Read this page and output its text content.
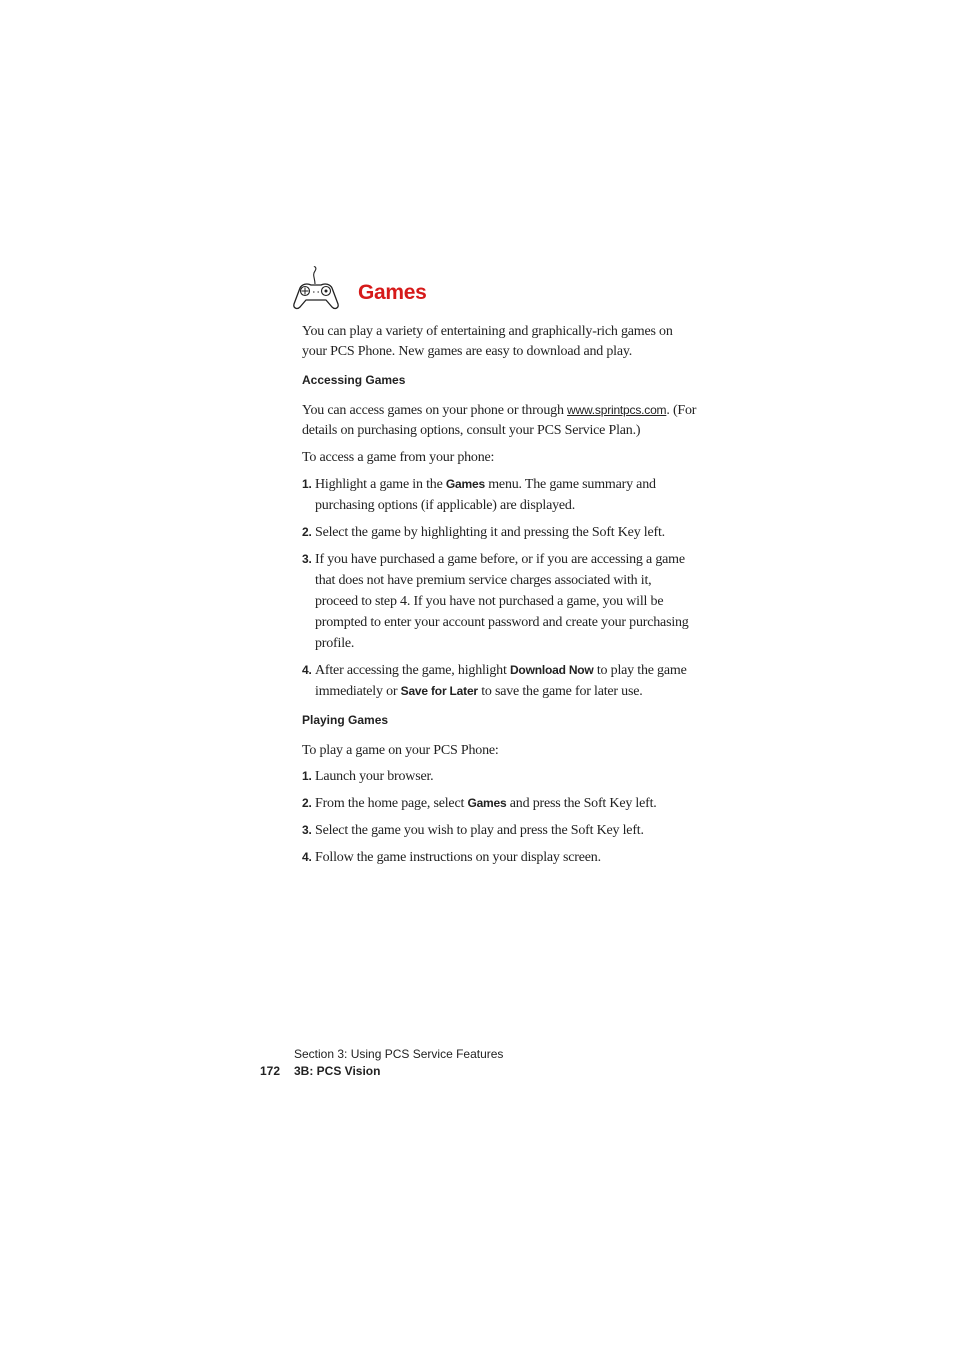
Games

You can play a variety of entertaining and graphically-rich games on your PCS Phone. New games are easy to download and play.

Accessing Games

You can access games on your phone or through www.sprintpcs.com. (For details on purchasing options, consult your PCS Service Plan.)

To access a game from your phone:

1. Highlight a game in the Games menu. The game summary and purchasing options (if applicable) are displayed.
2. Select the game by highlighting it and pressing the Soft Key left.
3. If you have purchased a game before, or if you are accessing a game that does not have premium service charges associated with it, proceed to step 4. If you have not purchased a game, you will be prompted to enter your account password and create your purchasing profile.
4. After accessing the game, highlight Download Now to play the game immediately or Save for Later to save the game for later use.
Playing Games

To play a game on your PCS Phone:

1. Launch your browser.
2. From the home page, select Games and press the Soft Key left.
3. Select the game you wish to play and press the Soft Key left.
4. Follow the game instructions on your display screen.
Section 3: Using PCS Service Features
172 3B: PCS Vision
